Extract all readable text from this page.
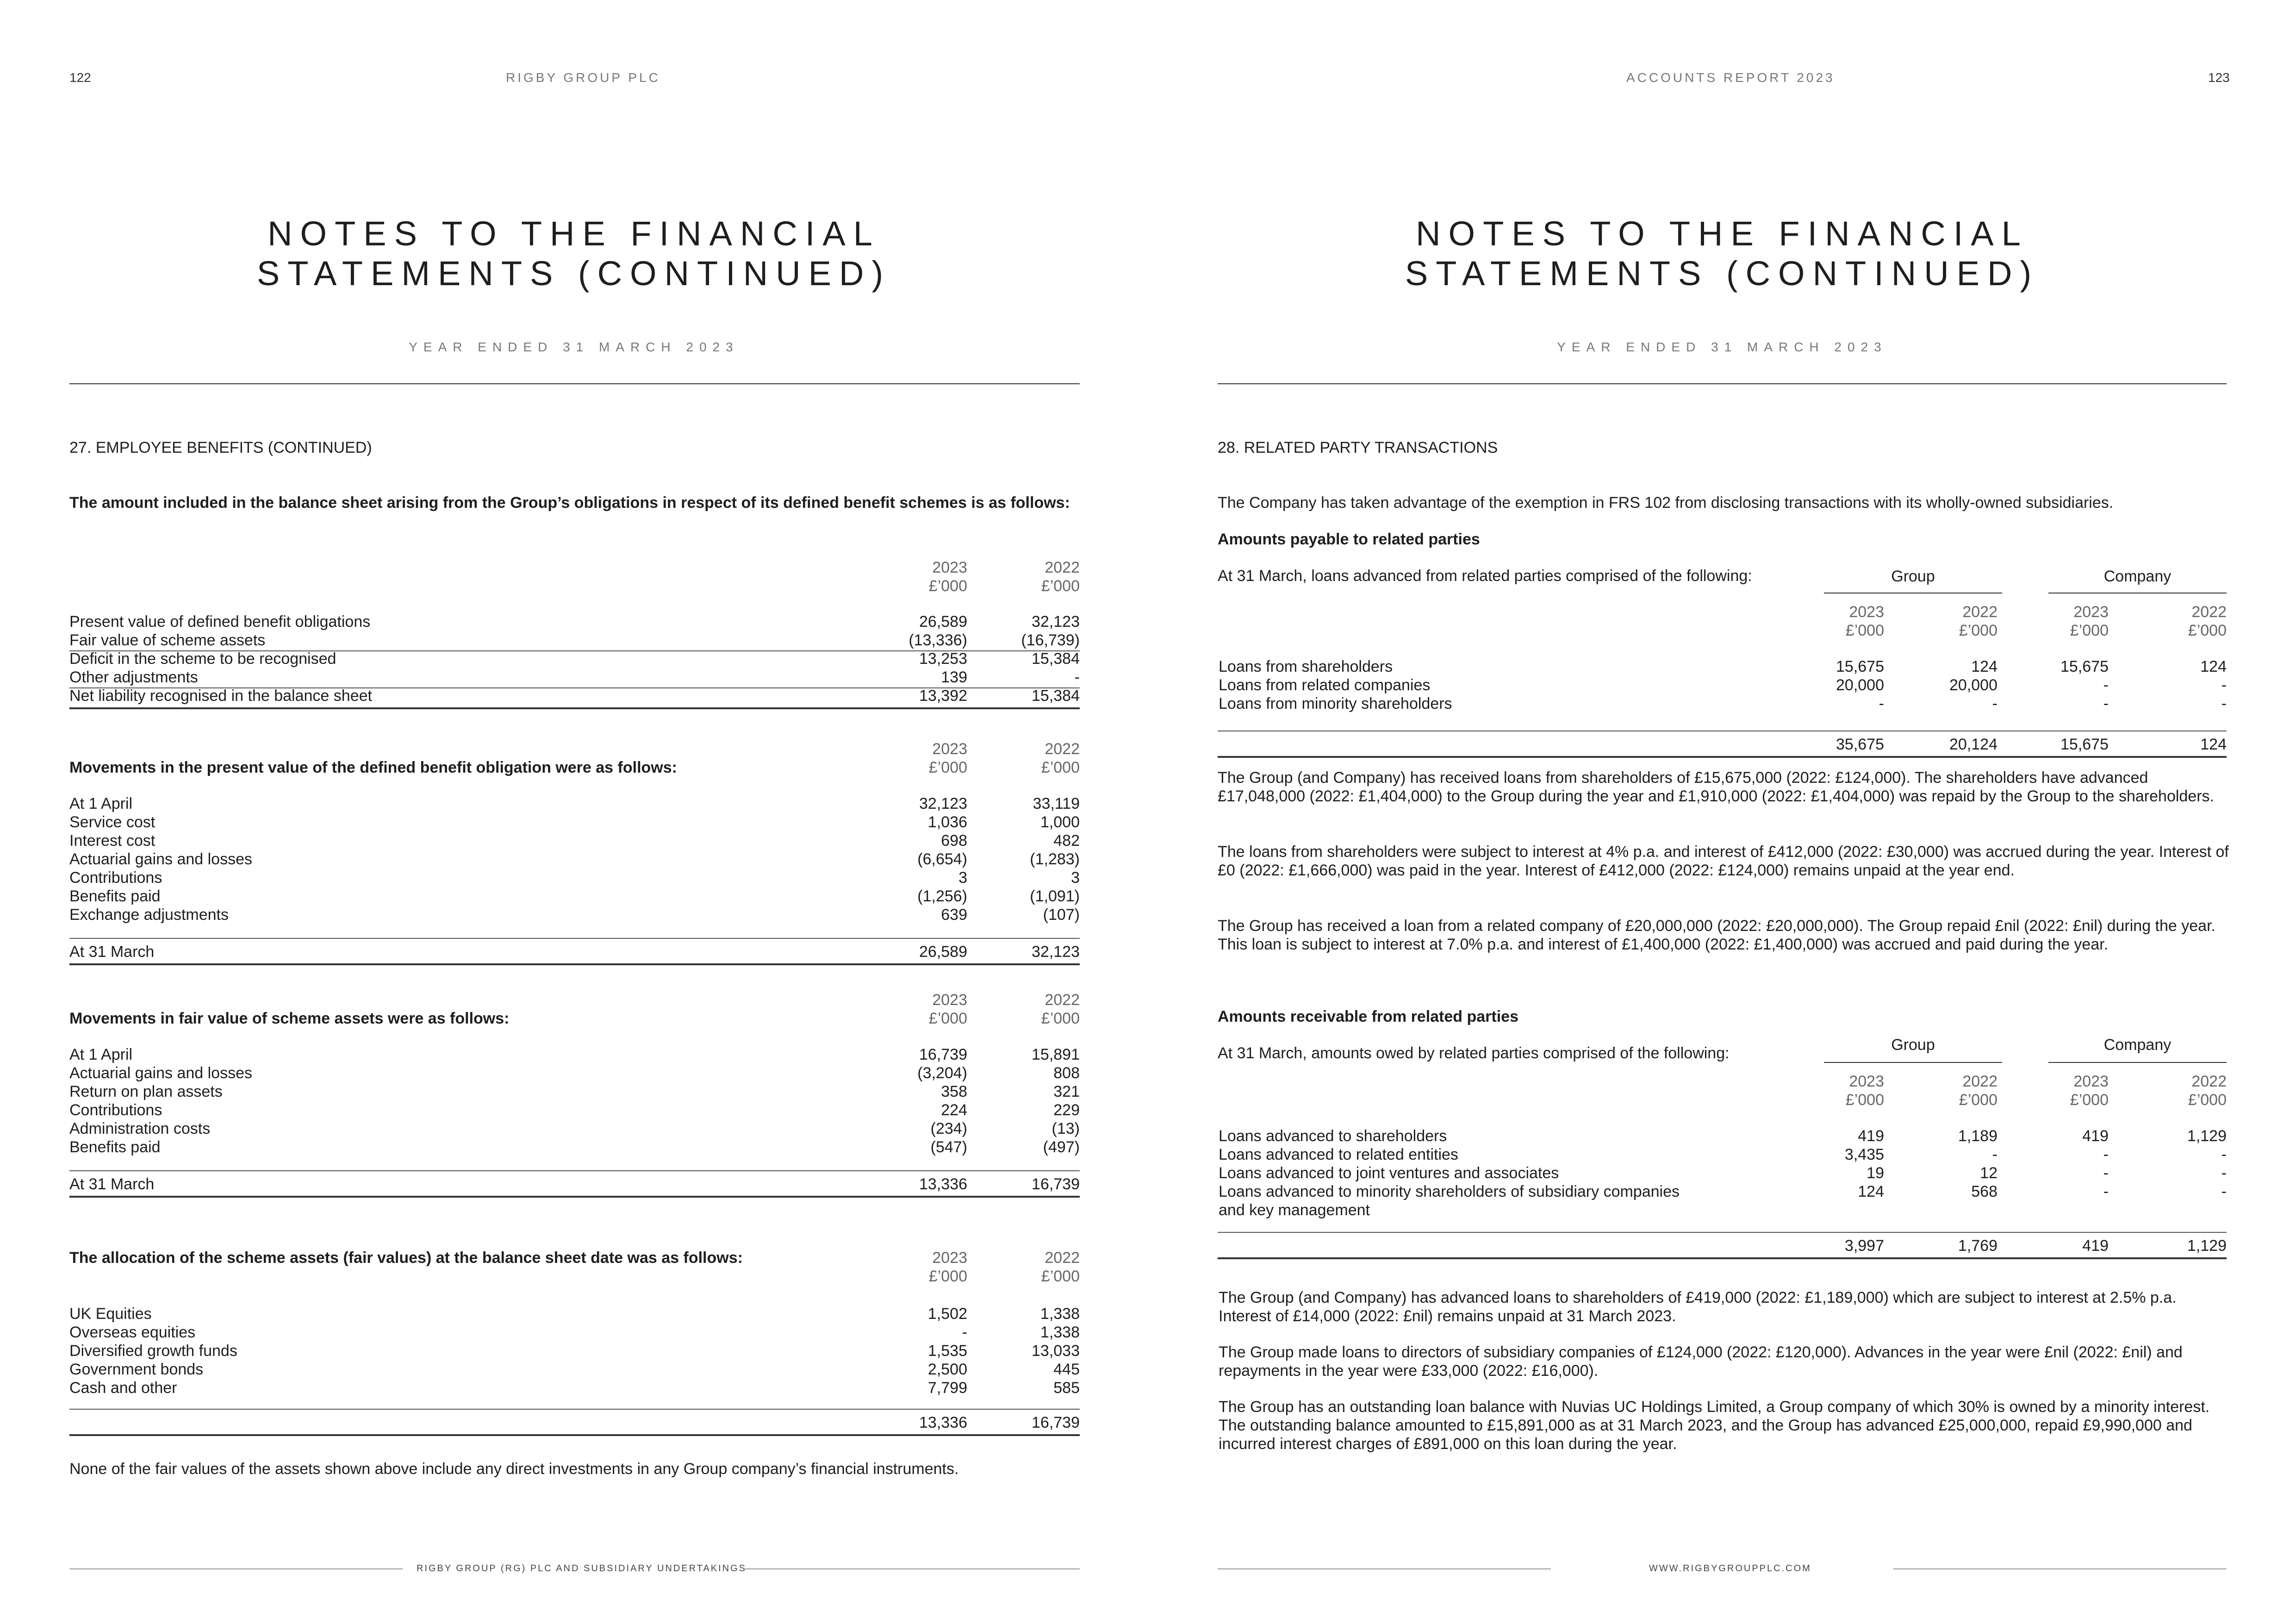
122	RIGBY GROUP PLC
NOTES TO THE FINANCIAL
STATEMENTS (CONTINUED)
YEAR ENDED 31 MARCH 2023
27. EMPLOYEE BENEFITS (CONTINUED)
The amount included in the balance sheet arising from the Group’s obligations in respect of its defined benefit schemes is as follows:
2023
£’000
2022
£’000
Present value of defined benefit obligations	26,589	32,123
Fair value of scheme assets	(13,336)	(16,739)
Deficit in the scheme to be recognised	13,253	15,384
Other adjustments	139	-
Net liability recognised in the balance sheet	13,392	15,384
2023
£’000
2022
£’000
Movements in the present value of the defined benefit obligation were as follows:
At 1 April	32,123	33,119
Service cost	1,036	1,000
Interest cost	698	482
Actuarial gains and losses	(6,654)	(1,283)
Contributions	3	3
Benefits paid	(1,256)	(1,091)
Exchange adjustments	639	(107)
At 31 March	26,589	32,123
2023
£’000
2022
£’000
Movements in fair value of scheme assets were as follows:
At 1 April	16,739	15,891
Actuarial gains and losses	(3,204)	808
Return on plan assets	358	321
Contributions	224	229
Administration costs	(234)	(13)
Benefits paid	(547)	(497)
At 31 March	13,336	16,739
The allocation of the scheme assets (fair values) at the balance sheet date was as follows:	2023
£’000
2022
£’000
UK Equities	1,502	1,338
Overseas equities	-	1,338
Diversified growth funds	1,535	13,033
Government bonds	2,500	445
Cash and other	7,799	585
13,336	16,739
None of the fair values of the assets shown above include any direct investments in any Group company’s financial instruments.
RIGBY GROUP (RG) PLC AND SUBSIDIARY UNDERTAKINGS
ACCOUNTS REPORT 2023	123
NOTES TO THE FINANCIAL
STATEMENTS (CONTINUED)
YEAR ENDED 31 MARCH 2023
28. RELATED PARTY TRANSACTIONS
The Company has taken advantage of the exemption in FRS 102 from disclosing transactions with its wholly-owned subsidiaries.
Amounts payable to related parties
At 31 March, loans advanced from related parties comprised of the following:	Group	Company
2023
£’000
2022
£’000
2023
£’000
2022
£’000
Loans from shareholders	15,675	124	15,675	124
Loans from related companies	20,000	20,000	-	-
Loans from minority shareholders	-	-	-	-
35,675	20,124	15,675	124
The Group (and Company) has received loans from shareholders of £15,675,000 (2022: £124,000). The shareholders have advanced £17,048,000 (2022: £1,404,000) to the Group during the year and £1,910,000 (2022: £1,404,000) was repaid by the Group to the shareholders.
The loans from shareholders were subject to interest at 4% p.a. and interest of £412,000 (2022: £30,000) was accrued during the year. Interest of £0 (2022: £1,666,000) was paid in the year. Interest of £412,000 (2022: £124,000) remains unpaid at the year end.
The Group has received a loan from a related company of £20,000,000 (2022: £20,000,000). The Group repaid £nil (2022: £nil) during the year. This loan is subject to interest at 7.0% p.a. and interest of £1,400,000 (2022: £1,400,000) was accrued and paid during the year.
Amounts receivable from related parties
At 31 March, amounts owed by related parties comprised of the following:	Group	Company
2023
£’000
2022
£’000
2023
£’000
2022
£’000
Loans advanced to shareholders	419	1,189	419	1,129
Loans advanced to related entities	3,435	-	-	-
Loans advanced to joint ventures and associates	19	12	-	-
Loans advanced to minority shareholders of subsidiary companies
and key management
124	568	-	-
3,997	1,769	419	1,129
The Group (and Company) has advanced loans to shareholders of £419,000 (2022: £1,189,000) which are subject to interest at 2.5% p.a. Interest of £14,000 (2022: £nil) remains unpaid at 31 March 2023.
The Group made loans to directors of subsidiary companies of £124,000 (2022: £120,000). Advances in the year were £nil (2022: £nil) and repayments in the year were £33,000 (2022: £16,000).
The Group has an outstanding loan balance with Nuvias UC Holdings Limited, a Group company of which 30% is owned by a minority interest. The outstanding balance amounted to £15,891,000 as at 31 March 2023, and the Group has advanced £25,000,000, repaid £9,990,000 and incurred interest charges of £891,000 on this loan during the year.
WWW.RIGBYGROUPPLC.COM
